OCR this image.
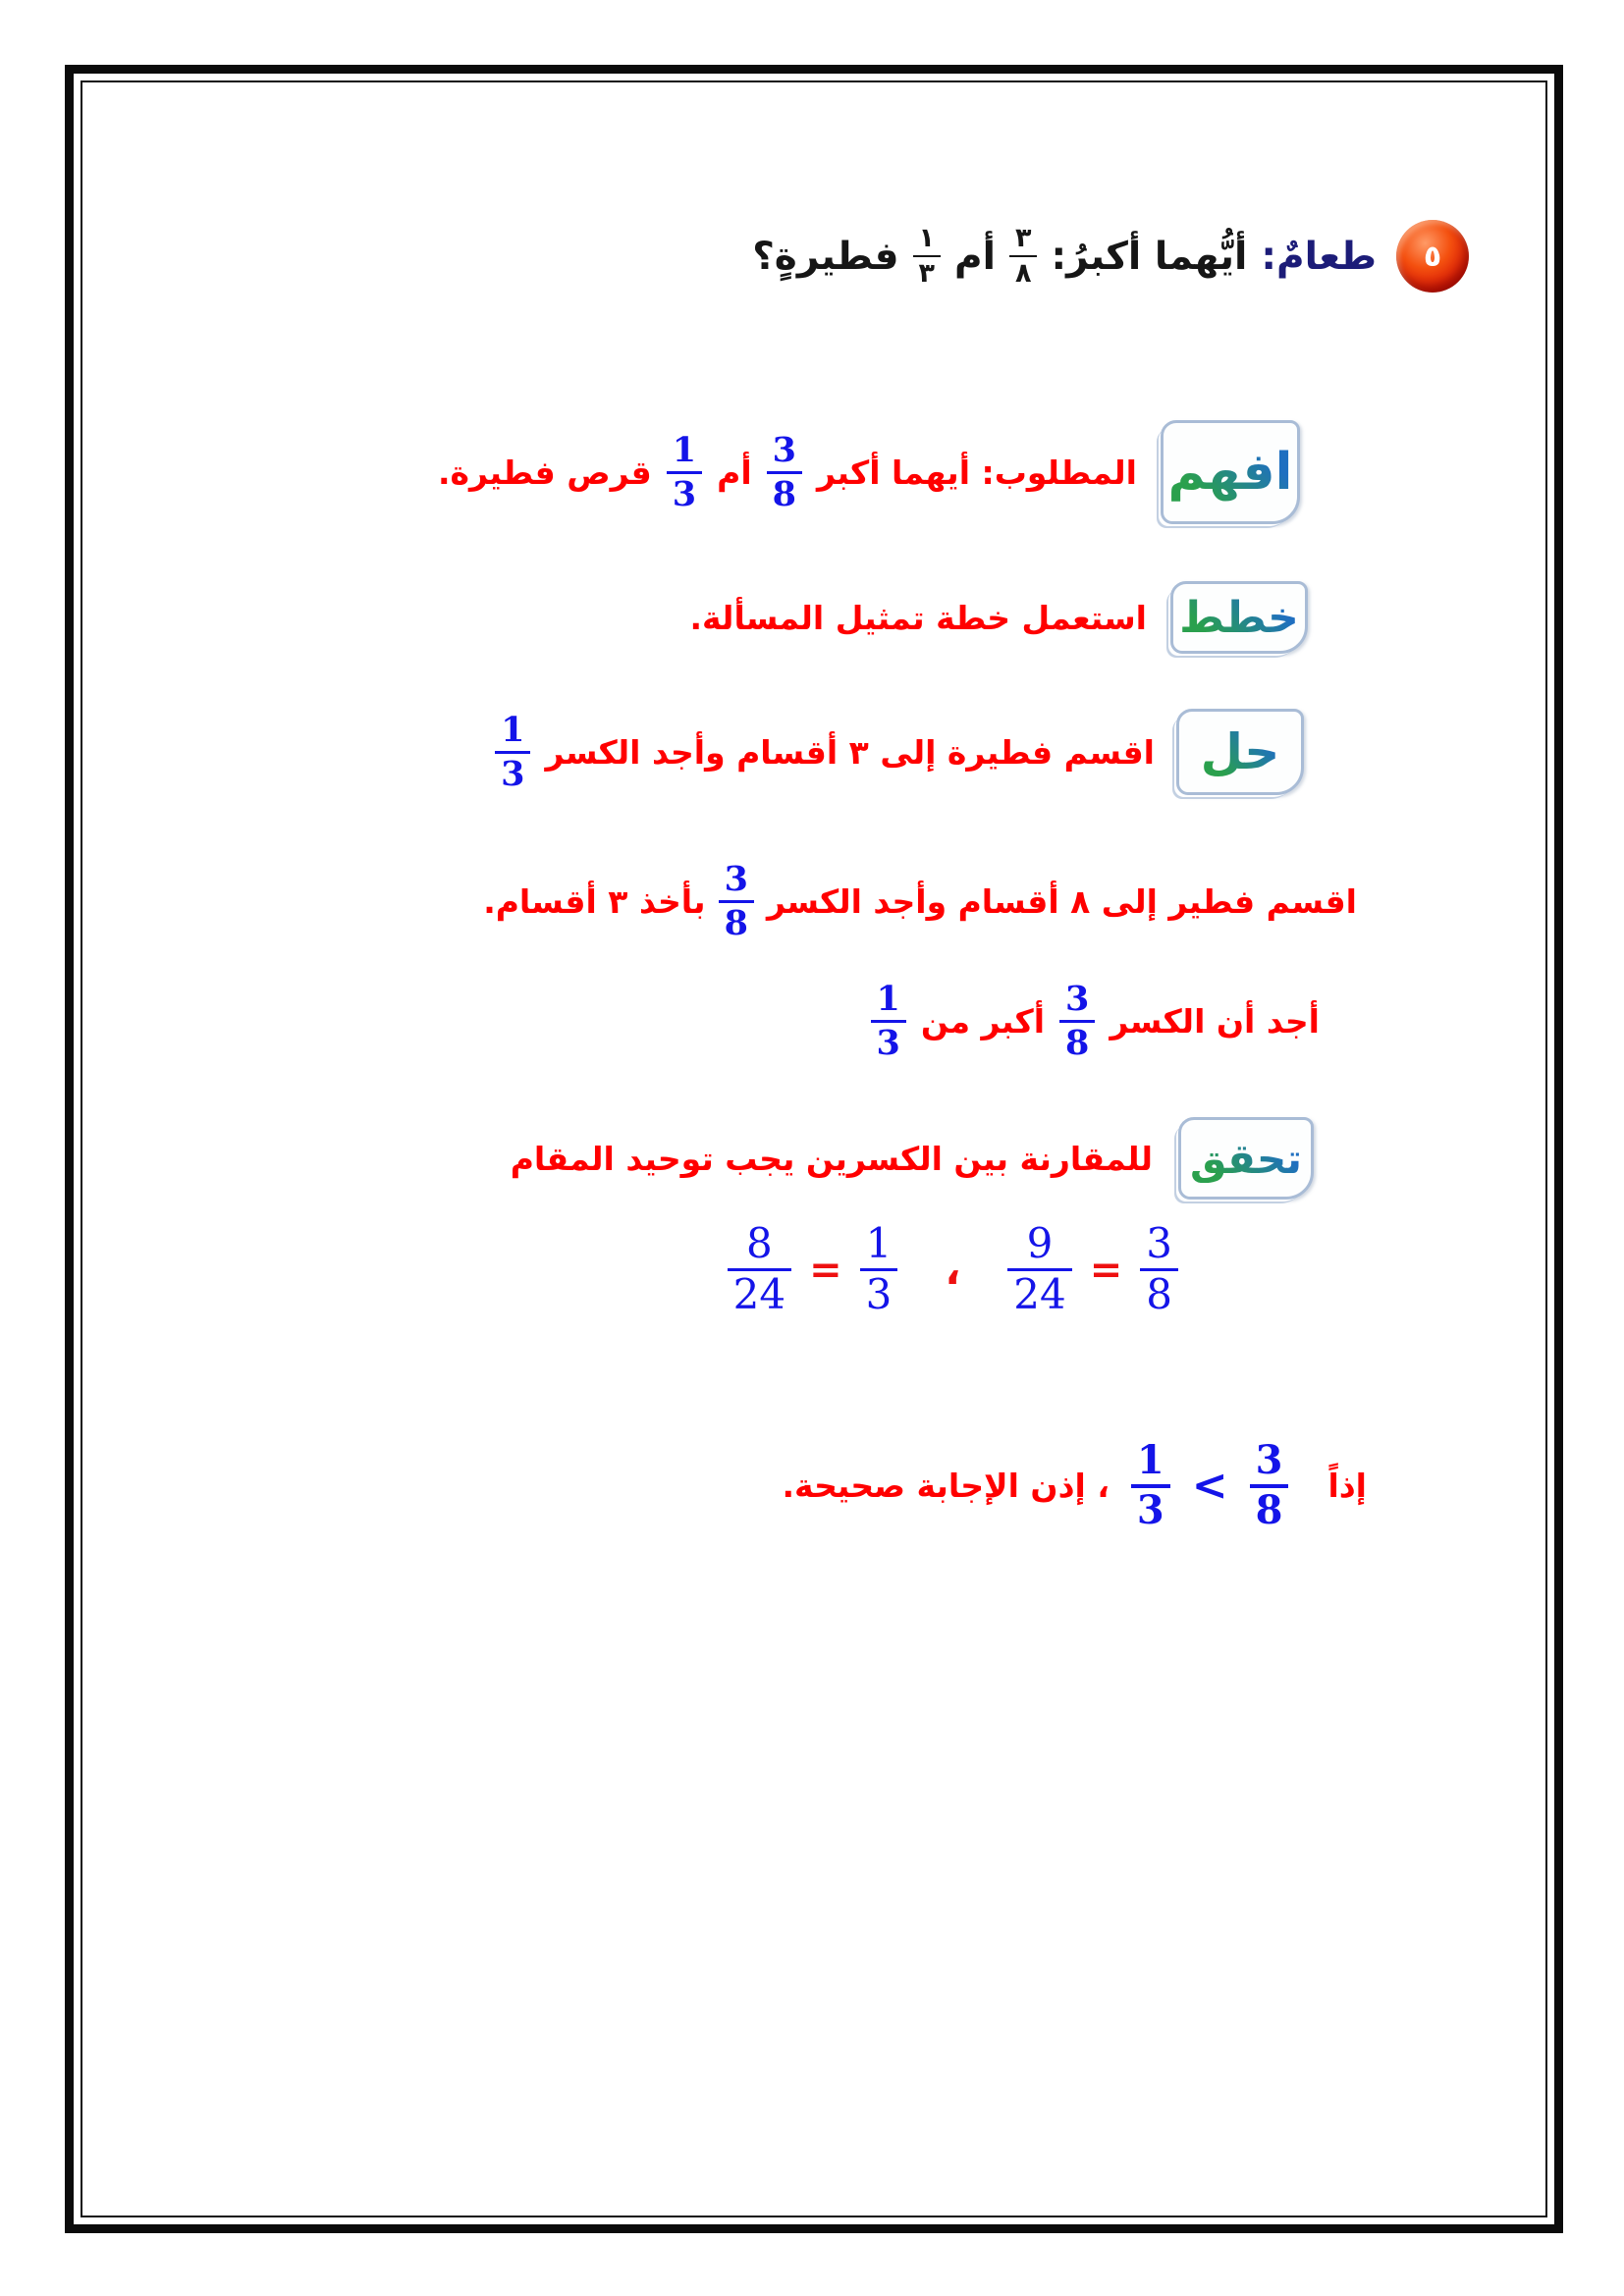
٥
طعامٌ:
أيُّهما أكبرُ:
$\frac{٣}{٨}$
أم
$\frac{١}{٣}$
فطيرةٍ؟
افهم
المطلوب: أيهما أكبر
$\frac{3}{8}$
أم
$\frac{1}{3}$
قرص فطيرة.
خطط
استعمل خطة تمثيل المسألة.
حل
اقسم فطيرة إلى ٣ أقسام وأجد الكسر
$\frac{1}{3}$
اقسم فطير إلى ٨ أقسام وأجد الكسر
$\frac{3}{8}$
بأخذ ٣ أقسام.
أجد أن الكسر
$\frac{3}{8}$
أكبر من
$\frac{1}{3}$
تحقق
للمقارنة بين الكسرين يجب توحيد المقام
$\frac{8}{24} = \frac{1}{3}$ ، $\frac{9}{24} = \frac{3}{8}$
إذاً
$\frac{3}{8}$
<
$\frac{1}{3}$
، إذن الإجابة صحيحة.
